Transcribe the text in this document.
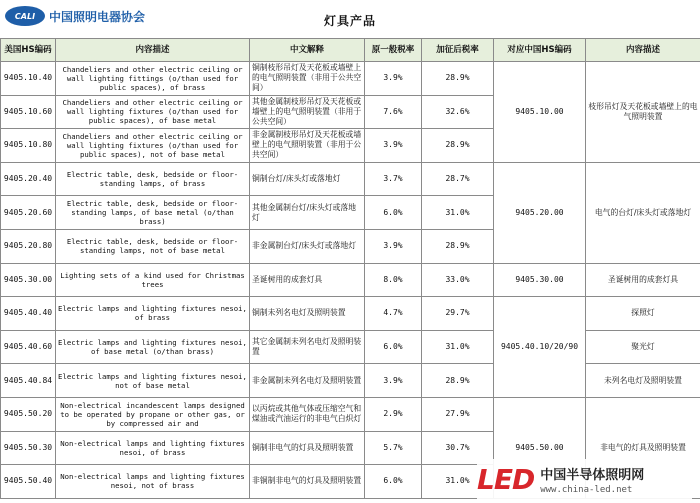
CALI	中国照明电器协会	灯具产品
美国HS编码	内容描述	中文解释	原一般税率	加征后税率	对应中国HS编码	内容描述
9405.10.40	Chandeliers and other electric ceiling or wall lighting fittings (o/than used for public spaces), of brass	铜制枝形吊灯及天花板或墙壁上的电气照明装置（非用于公共空间）	3.9%	28.9%	9405.10.00	枝形吊灯及天花板或墙壁上的电气照明装置
9405.10.60	Chandeliers and other electric ceiling or wall lighting fixtures (o/than used for public spaces), of base metal	其他金属制枝形吊灯及天花板或墙壁上的电气照明装置（非用于公共空间）	7.6%	32.6%		
9405.10.80	Chandeliers and other electric ceiling or wall lighting fixtures (o/than used for public spaces), not of base metal	非金属制枝形吊灯及天花板或墙壁上的电气照明装置（非用于公共空间）	3.9%	28.9%		
9405.20.40	Electric table, desk, bedside or floor-standing lamps, of brass	铜制台灯/床头灯或落地灯	3.7%	28.7%	9405.20.00	电气的台灯/床头灯或落地灯
9405.20.60	Electric table, desk, bedside or floor-standing lamps, of base metal (o/than brass)	其他金属制台灯/床头灯或落地灯	6.0%	31.0%		
9405.20.80	Electric table, desk, bedside or floor-standing lamps, not of base metal	非金属制台灯/床头灯或落地灯	3.9%	28.9%		
9405.30.00	Lighting sets of a kind used for Christmas trees	圣诞树用的成套灯具	8.0%	33.0%	9405.30.00	圣诞树用的成套灯具
9405.40.40	Electric lamps and lighting fixtures nesoi, of brass	铜制未列名电灯及照明装置	4.7%	29.7%	9405.40.10/20/90	探照灯
9405.40.60	Electric lamps and lighting fixtures nesoi, of base metal (o/than brass)	其它金属制未列名电灯及照明装置	6.0%	31.0%		聚光灯
9405.40.84	Electric lamps and lighting fixtures nesoi, not of base metal	非金属制未列名电灯及照明装置	3.9%	28.9%		未列名电灯及照明装置
9405.50.20	Non-electrical incandescent lamps designed to be operated by propane or other gas, or by compressed air and	以丙烷或其他气体或压缩空气和煤油或汽油运行的非电气白炽灯	2.9%	27.9%	9405.50.00	非电气的灯具及照明装置
9405.50.30	Non-electrical lamps and lighting fixtures nesoi, of brass	铜制非电气的灯具及照明装置	5.7%	30.7%		
9405.50.40	Non-electrical lamps and lighting fixtures nesoi, not of brass	非铜制非电气的灯具及照明装置	6.0%	31.0%		LED 中国半导体照明网
www.china-led.net
